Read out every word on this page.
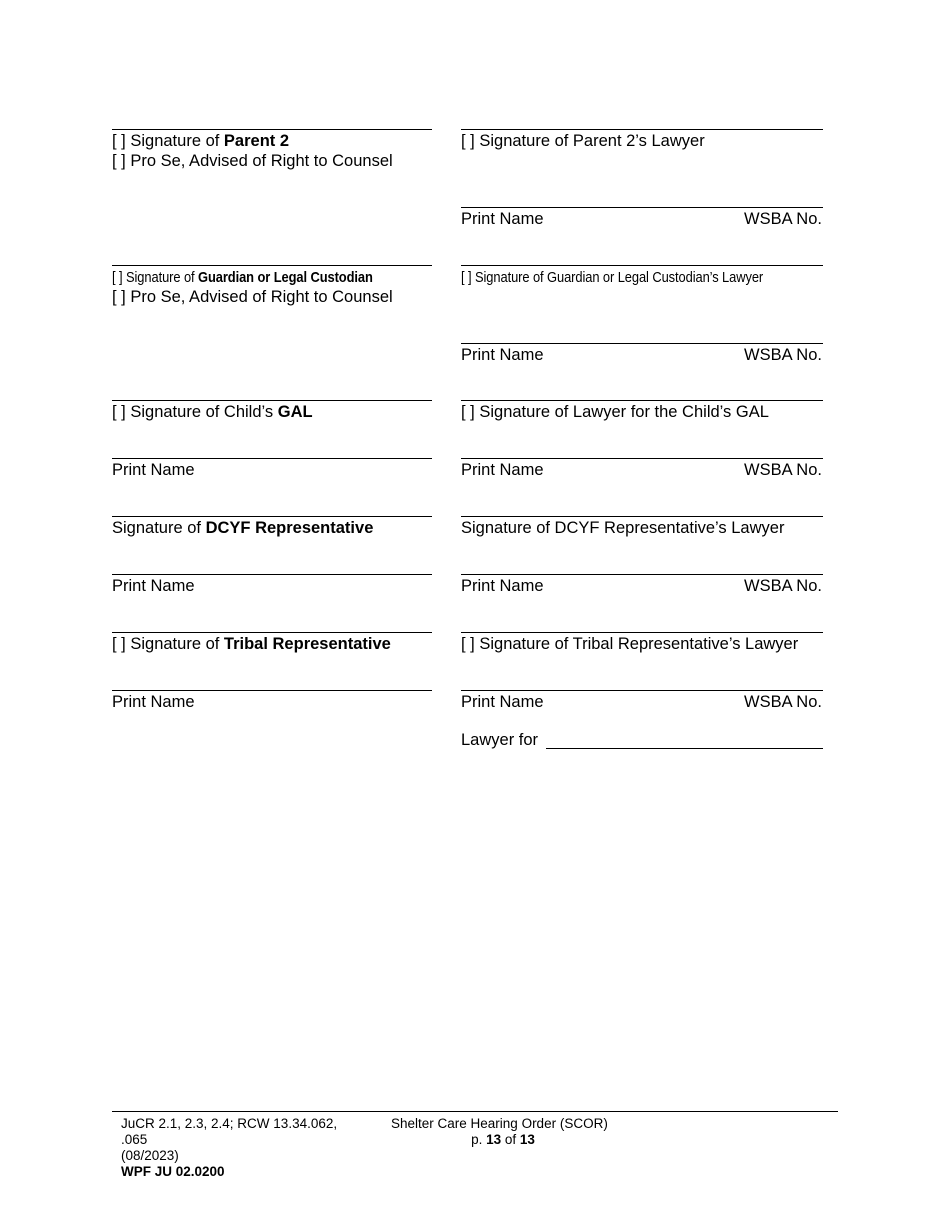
[ ] Signature of Parent 2
[ ] Pro Se, Advised of Right to Counsel
[ ] Signature of Parent 2’s Lawyer
Print Name	WSBA No.
[ ] Signature of Guardian or Legal Custodian
[ ] Pro Se, Advised of Right to Counsel
[ ] Signature of Guardian or Legal Custodian’s Lawyer
Print Name	WSBA No.
[ ] Signature of Child’s GAL
Print Name
[ ] Signature of Lawyer for the Child’s GAL
Print Name	WSBA No.
Signature of DCYF Representative
Print Name
Signature of DCYF Representative’s Lawyer
Print Name	WSBA No.
[ ] Signature of Tribal Representative
Print Name
[ ] Signature of Tribal Representative’s Lawyer
Print Name	WSBA No.
Lawyer for
JuCR 2.1, 2.3, 2.4; RCW 13.34.062,
.065
(08/2023)
WPF JU 02.0200
Shelter Care Hearing Order (SCOR)
p. 13 of 13
